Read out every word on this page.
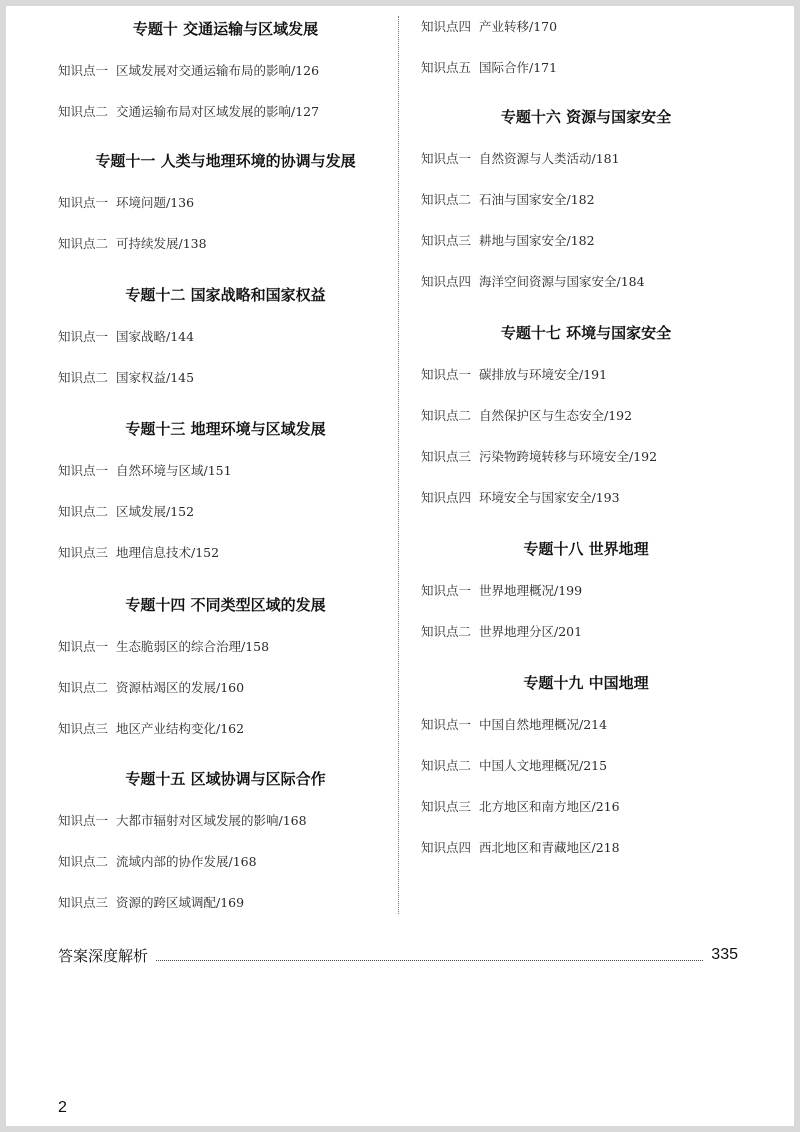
专题十 交通运输与区域发展
知识点一 区域发展对交通运输布局的影响/126
知识点二 交通运输布局对区域发展的影响/127
专题十一 人类与地理环境的协调与发展
知识点一 环境问题/136
知识点二 可持续发展/138
专题十二 国家战略和国家权益
知识点一 国家战略/144
知识点二 国家权益/145
专题十三 地理环境与区域发展
知识点一 自然环境与区域/151
知识点二 区域发展/152
知识点三 地理信息技术/152
专题十四 不同类型区域的发展
知识点一 生态脆弱区的综合治理/158
知识点二 资源枯竭区的发展/160
知识点三 地区产业结构变化/162
专题十五 区域协调与区际合作
知识点一 大都市辐射对区域发展的影响/168
知识点二 流域内部的协作发展/168
知识点三 资源的跨区域调配/169
知识点四 产业转移/170
知识点五 国际合作/171
专题十六 资源与国家安全
知识点一 自然资源与人类活动/181
知识点二 石油与国家安全/182
知识点三 耕地与国家安全/182
知识点四 海洋空间资源与国家安全/184
专题十七 环境与国家安全
知识点一 碳排放与环境安全/191
知识点二 自然保护区与生态安全/192
知识点三 污染物跨境转移与环境安全/192
知识点四 环境安全与国家安全/193
专题十八 世界地理
知识点一 世界地理概况/199
知识点二 世界地理分区/201
专题十九 中国地理
知识点一 中国自然地理概况/214
知识点二 中国人文地理概况/215
知识点三 北方地区和南方地区/216
知识点四 西北地区和青藏地区/218
答案深度解析	335
2
